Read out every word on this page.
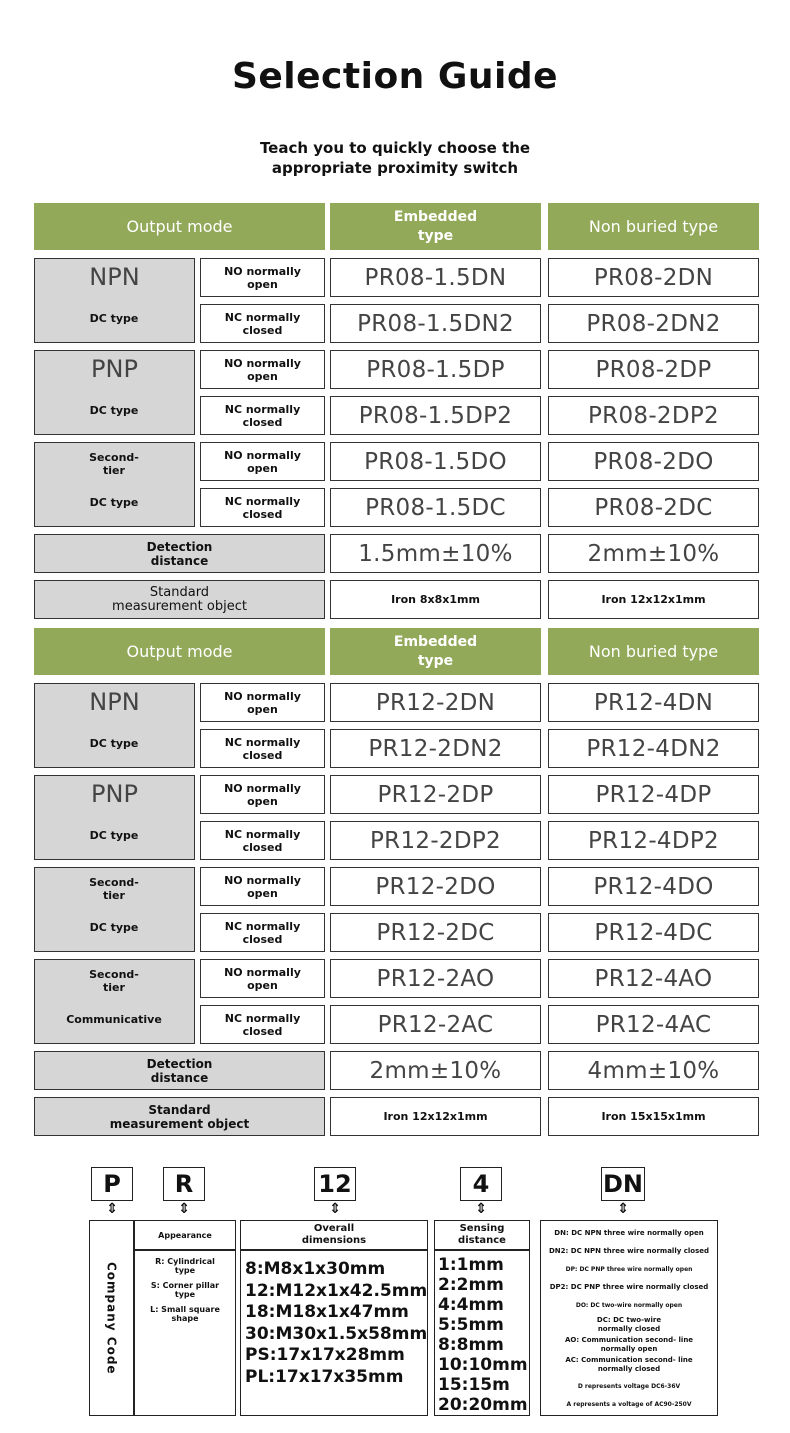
Selection Guide
Teach you to quickly choose the appropriate proximity switch
Output mode
Embedded type	Non buried type
NPN
DC type
NO normally open	PR08-1.5DN	PR08-2DN
NC normally closed	PR08-1.5DN2	PR08-2DN2
PNP
DC type
NO normally open	PR08-1.5DP	PR08-2DP
NC normally closed	PR08-1.5DP2	PR08-2DP2
Second-tier
DC type
NO normally open	PR08-1.5DO	PR08-2DO
NC normally closed	PR08-1.5DC	PR08-2DC
Detection distance	1.5mm±10%	2mm±10%
Standard measurement object	Iron 8x8x1mm	Iron 12x12x1mm
Output mode
Embedded type	Non buried type
NPN
DC type
NO normally open	PR12-2DN	PR12-4DN
NC normally closed	PR12-2DN2	PR12-4DN2
PNP
DC type
NO normally open	PR12-2DP	PR12-4DP
NC normally closed	PR12-2DP2	PR12-4DP2
Second-tier
DC type
NO normally open	PR12-2DO	PR12-4DO
NC normally closed	PR12-2DC	PR12-4DC
Second-tier
Communicative
NO normally open	PR12-2AO	PR12-4AO
NC normally closed	PR12-2AC	PR12-4AC
Detection distance	2mm±10%	4mm±10%
Standard measurement object	Iron 12x12x1mm	Iron 15x15x1mm
P	R	12	4	DN
⇕	⇕	⇕	⇕	⇕
Company Code
Appearance
R: Cylindrical type
S: Corner pillar type
L: Small square shape
Overall dimensions
8:M8x1x30mm
12:M12x1x42.5mm
18:M18x1x47mm
30:M30x1.5x58mm
PS:17x17x28mm
PL:17x17x35mm
Sensing distance
1:1mm
2:2mm
4:4mm
5:5mm
8:8mm
10:10mm
15:15m
20:20mm
DN: DC NPN three wire normally open
DN2: DC NPN three wire normally closed
DP: DC PNP three wire normally open
DP2: DC PNP three wire normally closed
DO: DC two-wire normally open
DC: DC two-wire normally closed
AO: Communication second- line normally open
AC: Communication second- line normally closed
D represents voltage DC6-36V
A represents a voltage of AC90-250V
